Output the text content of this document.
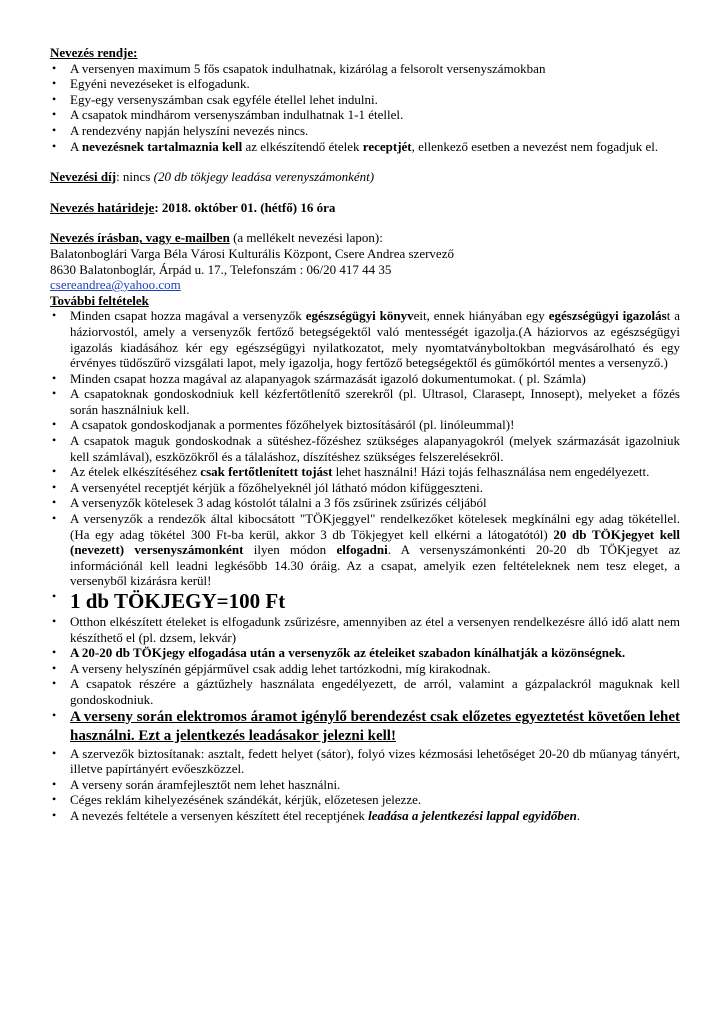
Nevezés rendje:
• A versenyen maximum 5 fős csapatok indulhatnak, kizárólag a felsorolt versenyszámokban
• Egyéni nevezéseket is elfogadunk.
• Egy-egy versenyszámban csak egyféle étellel lehet indulni.
• A csapatok mindhárom versenyszámban indulhatnak 1-1 étellel.
• A rendezvény napján helyszíni nevezés nincs.
• A nevezésnek tartalmaznia kell az elkészítendő ételek receptjét, ellenkező esetben a nevezést nem fogadjuk el.

Nevezési díj: nincs (20 db tökjegy leadása verenyszámonként)

Nevezés határideje: 2018. október 01. (hétfő) 16 óra

Nevezés írásban, vagy e-mailben (a mellékelt nevezési lapon):

Balatonboglári Varga Béla Városi Kulturális Központ, Csere Andrea szervező

8630 Balatonboglár, Árpád u. 17., Telefonszám : 06/20 417 44 35

csereandrea@yahoo.com

További feltételek
• Minden csapat hozza magával a versenyzők egészségügyi könyveit, ennek hiányában egy egészségügyi igazolást a háziorvostól, amely a versenyzők fertőző betegségektől való mentességét igazolja.(A háziorvos az egészségügyi igazolás kiadásához kér egy egészségügyi nyilatkozatot, mely nyomtatványboltokban megvásárolható és egy érvényes tüdőszűrő vizsgálati lapot, mely igazolja, hogy fertőző betegségektől és gümőkórtól mentes a versenyző.)
• Minden csapat hozza magával az alapanyagok származását igazoló dokumentumokat. ( pl. Számla)
• A csapatoknak gondoskodniuk kell kézfertőtlenítő szerekről (pl. Ultrasol, Clarasept, Innosept), melyeket a főzés során használniuk kell.
• A csapatok gondoskodjanak a pormentes főzőhelyek biztosításáról (pl. linóleummal)!
• A csapatok maguk gondoskodnak a sütéshez-főzéshez szükséges alapanyagokról (melyek származását igazolniuk kell számlával), eszközökről és a tálaláshoz, díszítéshez szükséges felszerelésekről.
• Az ételek elkészítéséhez csak fertőtlenített tojást lehet használni! Házi tojás felhasználása nem engedélyezett.
• A versenyétel receptjét kérjük a főzőhelyeknél jól látható módon kifüggeszteni.
• A versenyzők kötelesek 3 adag kóstolót tálalni a 3 fős zsűrinek zsűrizés céljából
• A versenyzők a rendezők által kibocsátott "TÖKjeggyel" rendelkezőket kötelesek megkínálni egy adag tökétellel. (Ha egy adag tökétel 300 Ft-ba kerül, akkor 3 db Tökjegyet kell elkérni a látogatótól) 20 db TÖKjegyet kell (nevezett) versenyszámonként ilyen módon elfogadni. A versenyszámonkénti 20-20 db TÖKjegyet az információnál kell leadni legkésőbb 14.30 óráig. Az a csapat, amelyik ezen feltételeknek nem tesz eleget, a versenyből kizárásra kerül!
• 1 db TÖKJEGY=100 Ft
• Otthon elkészített ételeket is elfogadunk zsűrizésre, amennyiben az étel a versenyen rendelkezésre álló idő alatt nem készíthető el (pl. dzsem, lekvár)
• A 20-20 db TÖKjegy elfogadása után a versenyzők az ételeiket szabadon kínálhatják a közönségnek.
• A verseny helyszínén gépjárművel csak addig lehet tartózkodni, míg kirakodnak.
• A csapatok részére a gáztűzhely használata engedélyezett, de arról, valamint a gázpalackról maguknak kell gondoskodniuk.
• A verseny során elektromos áramot igénylő berendezést csak előzetes egyeztetést követően lehet használni. Ezt a jelentkezés leadásakor jelezni kell!
• A szervezők biztosítanak: asztalt, fedett helyet (sátor), folyó vizes kézmosási lehetőséget 20-20 db műanyag tányért, illetve papírtányért evőeszközzel.
• A verseny során áramfejlesztőt nem lehet használni.
• Céges reklám kihelyezésének szándékát, kérjük, előzetesen jelezze.
• A nevezés feltétele a versenyen készített étel receptjének leadása a jelentkezési lappal egyidőben.
